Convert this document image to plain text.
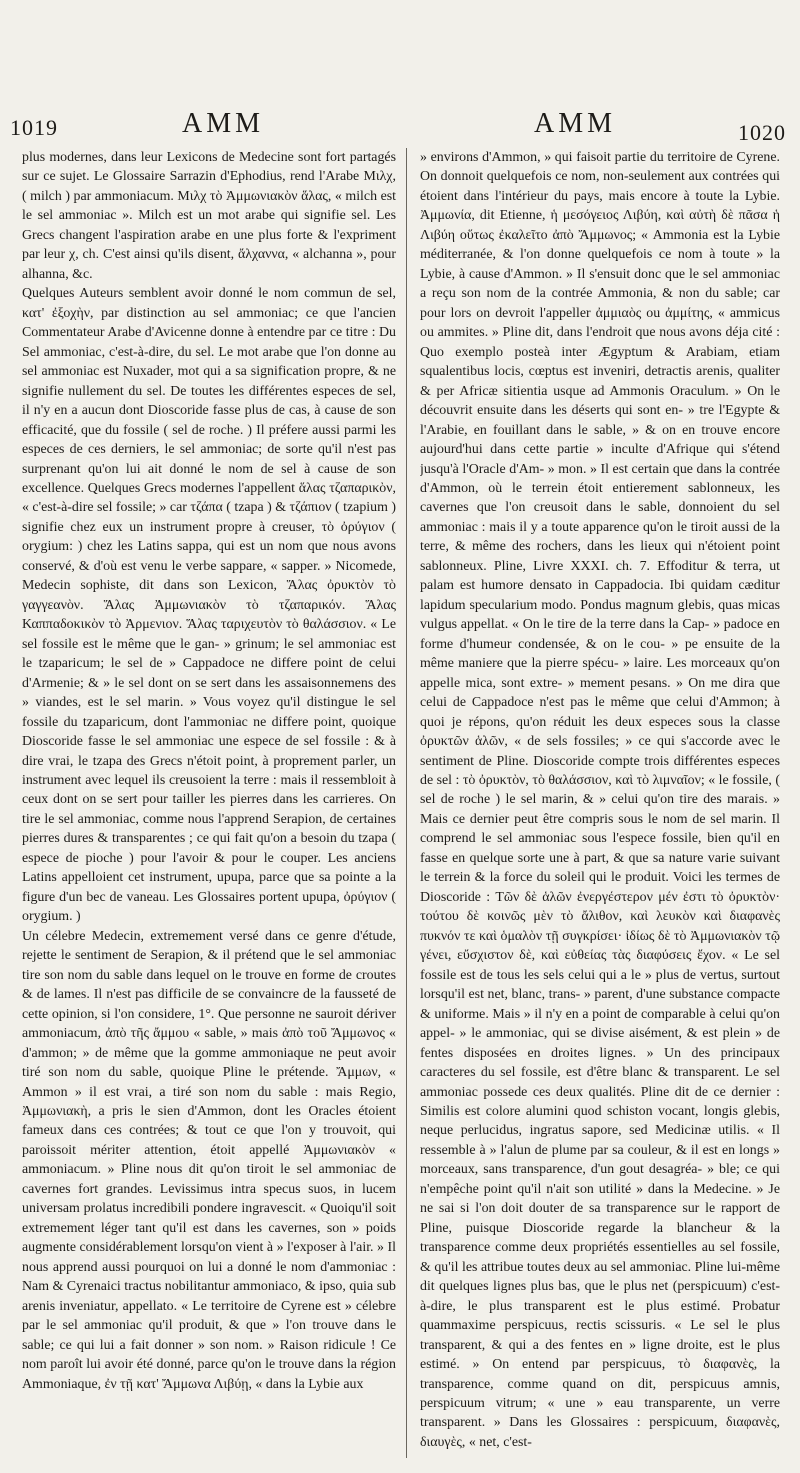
1019	AMM	AMM	1020

plus modernes, dans leur Lexicons de Medecine sont fort partagés sur ce sujet. Le Glossaire Sarrazin d'Ephodius, rend l'Arabe Μιλχ, ( milch ) par ammoniacum. Μιλχ τὸ Ἀμμωνιακὸν ἅλας, « milch est le sel ammoniac ». Milch est un mot arabe qui signifie sel. Les Grecs changent l'aspiration arabe en une plus forte & l'expriment par leur χ, ch. C'est ainsi qu'ils disent, ἄλχαννα, « alchanna », pour alhanna, &c.

Quelques Auteurs semblent avoir donné le nom commun de sel, κατ' ἐξοχὴν, par distinction au sel ammoniac; ce que l'ancien Commentateur Arabe d'Avicenne donne à entendre par ce titre : Du Sel ammoniac, c'est-à-dire, du sel. Le mot arabe que l'on donne au sel ammoniac est Nuxader, mot qui a sa signification propre, & ne signifie nullement du sel. De toutes les différentes especes de sel, il n'y en a aucun dont Dioscoride fasse plus de cas, à cause de son efficacité, que du fossile ( sel de roche. ) Il préfere aussi parmi les especes de ces derniers, le sel ammoniac; de sorte qu'il n'est pas surprenant qu'on lui ait donné le nom de sel à cause de son excellence. Quelques Grecs modernes l'appellent ἅλας τζαπαρικὸν, « c'est-à-dire sel fossile; » car τζάπα ( tzapa ) & τζάπιον ( tzapium ) signifie chez eux un instrument propre à creuser, τὸ ὀρύγιον ( orygium: ) chez les Latins sappa, qui est un nom que nous avons conservé, & d'où est venu le verbe sappare, « sapper. » Nicomede, Medecin sophiste, dit dans son Lexicon, Ἅλας ὀρυκτὸν τὸ γαγγεανὸν. Ἅλας Ἀμμωνιακὸν τὸ τζαπαρικόν. Ἅλας Καππαδοκικὸν τὸ Ἀρμενιον. Ἅλας ταριχευτὸν τὸ θαλάσσιον. « Le sel fossile est le même que le gan- » grinum; le sel ammoniac est le tzaparicum; le sel de » Cappadoce ne differe point de celui d'Armenie; & » le sel dont on se sert dans les assaisonnemens des » viandes, est le sel marin. » Vous voyez qu'il distingue le sel fossile du tzaparicum, dont l'ammoniac ne differe point, quoique Dioscoride fasse le sel ammoniac une espece de sel fossile : & à dire vrai, le tzapa des Grecs n'étoit point, à proprement parler, un instrument avec lequel ils creusoient la terre : mais il ressembloit à ceux dont on se sert pour tailler les pierres dans les carrieres. On tire le sel ammoniac, comme nous l'apprend Serapion, de certaines pierres dures & transparentes ; ce qui fait qu'on a besoin du tzapa ( espece de pioche ) pour l'avoir & pour le couper. Les anciens Latins appelloient cet instrument, upupa, parce que sa pointe a la figure d'un bec de vaneau. Les Glossaires portent upupa, ὀρύγιον ( orygium. )

Un célebre Medecin, extremement versé dans ce genre d'étude, rejette le sentiment de Serapion, & il prétend que le sel ammoniac tire son nom du sable dans lequel on le trouve en forme de croutes & de lames. Il n'est pas difficile de se convaincre de la fausseté de cette opinion, si l'on considere, 1°. Que personne ne sauroit dériver ammoniacum, ἀπὸ τῆς ἄμμου « sable, » mais ἀπὸ τοῦ Ἄμμωνος « d'ammon; » de même que la gomme ammoniaque ne peut avoir tiré son nom du sable, quoique Pline le prétende. Ἄμμων, « Ammon » il est vrai, a tiré son nom du sable : mais Regio, Ἀμμωνιακὴ, a pris le sien d'Ammon, dont les Oracles étoient fameux dans ces contrées; & tout ce que l'on y trouvoit, qui paroissoit mériter attention, étoit appellé Ἀμμωνιακὸν « ammoniacum. » Pline nous dit qu'on tiroit le sel ammoniac de cavernes fort grandes. Levissimus intra specus suos, in lucem universam prolatus incredibili pondere ingravescit. « Quoiqu'il soit extremement léger tant qu'il est dans les cavernes, son » poids augmente considérablement lorsqu'on vient à » l'exposer à l'air. » Il nous apprend aussi pourquoi on lui a donné le nom d'ammoniac : Nam & Cyrenaici tractus nobilitantur ammoniaco, & ipso, quia sub arenis inveniatur, appellato. « Le territoire de Cyrene est » célebre par le sel ammoniac qu'il produit, & que » l'on trouve dans le sable; ce qui lui a fait donner » son nom. » Raison ridicule ! Ce nom paroît lui avoir été donné, parce qu'on le trouve dans la région Ammoniaque, ἐν τῇ κατ' Ἄμμωνα Λιβύῃ, « dans la Lybie aux

» environs d'Ammon, » qui faisoit partie du territoire de Cyrene. On donnoit quelquefois ce nom, non-seulement aux contrées qui étoient dans l'intérieur du pays, mais encore à toute la Lybie. Ἀμμωνία, dit Etienne, ἡ μεσόγειος Λιβύη, καὶ αὐτὴ δὲ πᾶσα ἡ Λιβύη οὕτως ἐκαλεῖτο ἀπὸ Ἄμμωνος; « Ammonia est la Lybie méditerranée, & l'on donne quelquefois ce nom à toute » la Lybie, à cause d'Ammon. » Il s'ensuit donc que le sel ammoniac a reçu son nom de la contrée Ammonia, & non du sable; car pour lors on devroit l'appeller ἀμμιαὸς ou ἀμμίτης, « ammicus ou ammites. » Pline dit, dans l'endroit que nous avons déja cité : Quo exemplo posteà inter Ægyptum & Arabiam, etiam squalentibus locis, cœptus est inveniri, detractis arenis, qualiter & per Africæ sitientia usque ad Ammonis Oraculum. » On le découvrit ensuite dans les déserts qui sont en- » tre l'Egypte & l'Arabie, en fouillant dans le sable, » & on en trouve encore aujourd'hui dans cette partie » inculte d'Afrique qui s'étend jusqu'à l'Oracle d'Am- » mon. » Il est certain que dans la contrée d'Ammon, où le terrein étoit entierement sablonneux, les cavernes que l'on creusoit dans le sable, donnoient du sel ammoniac : mais il y a toute apparence qu'on le tiroit aussi de la terre, & même des rochers, dans les lieux qui n'étoient point sablonneux. Pline, Livre XXXI. ch. 7. Effoditur & terra, ut palam est humore densato in Cappadocia. Ibi quidam cæditur lapidum specularium modo. Pondus magnum glebis, quas micas vulgus appellat. « On le tire de la terre dans la Cap- » padoce en forme d'humeur condensée, & on le cou- » pe ensuite de la même maniere que la pierre spécu- » laire. Les morceaux qu'on appelle mica, sont extre- » mement pesans. » On me dira que celui de Cappadoce n'est pas le même que celui d'Ammon; à quoi je répons, qu'on réduit les deux especes sous la classe ὀρυκτῶν ἁλῶν, « de sels fossiles; » ce qui s'accorde avec le sentiment de Pline. Dioscoride compte trois différentes especes de sel : τὸ ὀρυκτὸν, τὸ θαλάσσιον, καὶ τὸ λιμναῖον; « le fossile, ( sel de roche ) le sel marin, & » celui qu'on tire des marais. » Mais ce dernier peut être compris sous le nom de sel marin. Il comprend le sel ammoniac sous l'espece fossile, bien qu'il en fasse en quelque sorte une à part, & que sa nature varie suivant le terrein & la force du soleil qui le produit. Voici les termes de Dioscoride : Τῶν δὲ ἁλῶν ἐνεργέστερον μέν ἐστι τὸ ὀρυκτὸν· τούτου δὲ κοινῶς μὲν τὸ ἄλιθον, καὶ λευκὸν καὶ διαφανὲς πυκνόν τε καὶ ὁμαλὸν τῇ συγκρίσει· ἰδίως δὲ τὸ Ἀμμωνιακὸν τῷ γένει, εὔσχιστον δὲ, καὶ εὐθείας τὰς διαφύσεις ἔχον. « Le sel fossile est de tous les sels celui qui a le » plus de vertus, surtout lorsqu'il est net, blanc, trans- » parent, d'une substance compacte & uniforme. Mais » il n'y en a point de comparable à celui qu'on appel- » le ammoniac, qui se divise aisément, & est plein » de fentes disposées en droites lignes. » Un des principaux caracteres du sel fossile, est d'être blanc & transparent. Le sel ammoniac possede ces deux qualités. Pline dit de ce dernier : Similis est colore alumini quod schiston vocant, longis glebis, neque perlucidus, ingratus sapore, sed Medicinæ utilis. « Il ressemble à » l'alun de plume par sa couleur, & il est en longs » morceaux, sans transparence, d'un gout desagréa- » ble; ce qui n'empêche point qu'il n'ait son utilité » dans la Medecine. » Je ne sai si l'on doit douter de sa transparence sur le rapport de Pline, puisque Dioscoride regarde la blancheur & la transparence comme deux propriétés essentielles au sel fossile, & qu'il les attribue toutes deux au sel ammoniac. Pline lui-même dit quelques lignes plus bas, que le plus net (perspicuum) c'est-à-dire, le plus transparent est le plus estimé. Probatur quammaxime perspicuus, rectis scissuris. « Le sel le plus transparent, & qui a des fentes en » ligne droite, est le plus estimé. » On entend par perspicuus, τὸ διαφανὲς, la transparence, comme quand on dit, perspicuus amnis, perspicuum vitrum; « une » eau transparente, un verre transparent. » Dans les Glossaires : perspicuum, διαφανὲς, διαυγὲς, « net, c'est-
